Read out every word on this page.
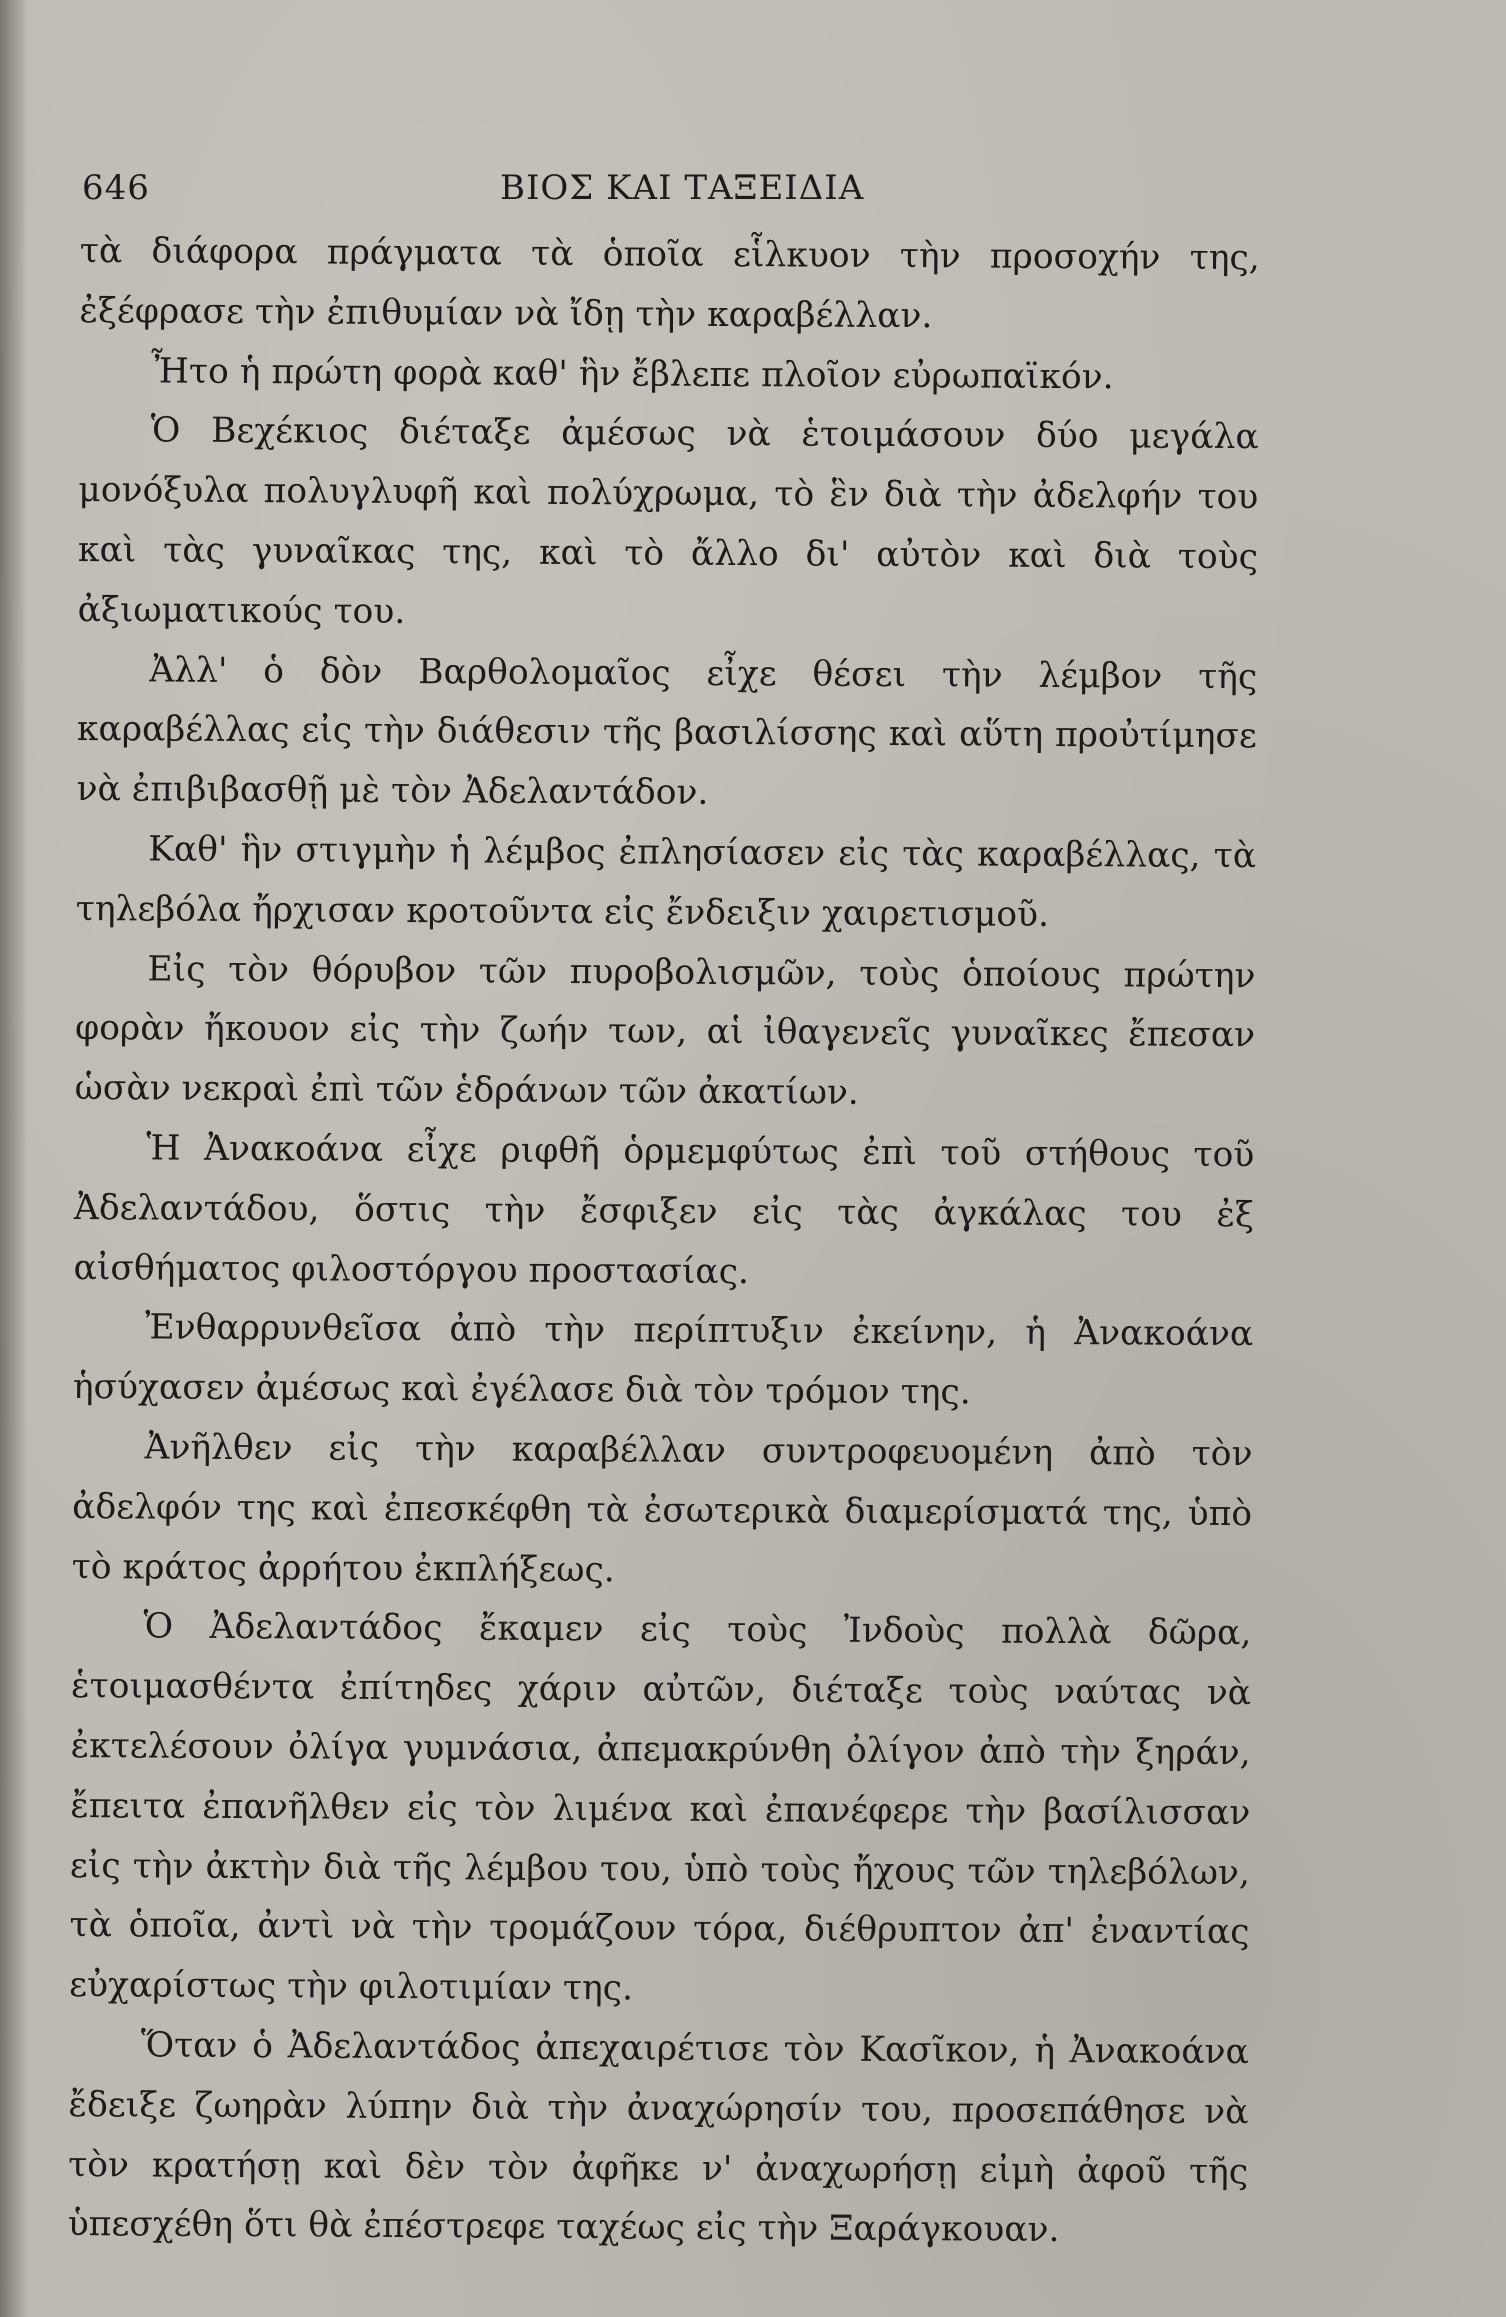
646	ΒΙΟΣ ΚΑΙ ΤΑΞΕΙΔΙΑ

τὰ διάφορα πράγματα τὰ ὁποῖα εἷλκυον τὴν προσοχήν της, ἐξέφρασε τὴν ἐπιθυμίαν νὰ ἴδῃ τὴν καραβέλλαν.

Ἦτο ἡ πρώτη φορὰ καθ' ἣν ἔβλεπε πλοῖον εὐρωπαϊκόν.

Ὁ Βεχέκιος διέταξε ἀμέσως νὰ ἑτοιμάσουν δύο μεγάλα μονόξυλα πολυγλυφῆ καὶ πολύχρωμα, τὸ ἓν διὰ τὴν ἀδελφήν του καὶ τὰς γυναῖκας της, καὶ τὸ ἄλλο δι' αὐτὸν καὶ διὰ τοὺς ἀξιωματικούς του.

Ἀλλ' ὁ δὸν Βαρθολομαῖος εἶχε θέσει τὴν λέμβον τῆς καραβέλλας εἰς τὴν διάθεσιν τῆς βασιλίσσης καὶ αὕτη προὐτίμησε νὰ ἐπιβιβασθῇ μὲ τὸν Ἀδελαντάδον.

Καθ' ἣν στιγμὴν ἡ λέμβος ἐπλησίασεν εἰς τὰς καραβέλλας, τὰ τηλεβόλα ἤρχισαν κροτοῦντα εἰς ἔνδειξιν χαιρετισμοῦ.

Εἰς τὸν θόρυβον τῶν πυροβολισμῶν, τοὺς ὁποίους πρώτην φορὰν ἤκουον εἰς τὴν ζωήν των, αἱ ἰθαγενεῖς γυναῖκες ἔπεσαν ὡσὰν νεκραὶ ἐπὶ τῶν ἑδράνων τῶν ἀκατίων.

Ἡ Ἀνακοάνα εἶχε ριφθῆ ὁρμεμφύτως ἐπὶ τοῦ στήθους τοῦ Ἀδελαντάδου, ὅστις τὴν ἔσφιξεν εἰς τὰς ἀγκάλας του ἐξ αἰσθήματος φιλοστόργου προστασίας.

Ἐνθαρρυνθεῖσα ἀπὸ τὴν περίπτυξιν ἐκείνην, ἡ Ἀνακοάνα ἡσύχασεν ἀμέσως καὶ ἐγέλασε διὰ τὸν τρόμον της.

Ἀνῆλθεν εἰς τὴν καραβέλλαν συντροφευομένη ἀπὸ τὸν ἀδελφόν της καὶ ἐπεσκέφθη τὰ ἐσωτερικὰ διαμερίσματά της, ὑπὸ τὸ κράτος ἀρρήτου ἐκπλήξεως.

Ὁ Ἀδελαντάδος ἔκαμεν εἰς τοὺς Ἰνδοὺς πολλὰ δῶρα, ἑτοιμασθέντα ἐπίτηδες χάριν αὐτῶν, διέταξε τοὺς ναύτας νὰ ἐκτελέσουν ὀλίγα γυμνάσια, ἀπεμακρύνθη ὀλίγον ἀπὸ τὴν ξηράν, ἔπειτα ἐπανῆλθεν εἰς τὸν λιμένα καὶ ἐπανέφερε τὴν βασίλισσαν εἰς τὴν ἀκτὴν διὰ τῆς λέμβου του, ὑπὸ τοὺς ἤχους τῶν τηλεβόλων, τὰ ὁποῖα, ἀντὶ νὰ τὴν τρομάζουν τόρα, διέθρυπτον ἀπ' ἐναντίας εὐχαρίστως τὴν φιλοτιμίαν της.

Ὅταν ὁ Ἀδελαντάδος ἀπεχαιρέτισε τὸν Κασῖκον, ἡ Ἀνακοάνα ἔδειξε ζωηρὰν λύπην διὰ τὴν ἀναχώρησίν του, προσεπάθησε νὰ τὸν κρατήσῃ καὶ δὲν τὸν ἀφῆκε ν' ἀναχωρήσῃ εἰμὴ ἀφοῦ τῆς ὑπεσχέθη ὅτι θὰ ἐπέστρεφε ταχέως εἰς τὴν Ξαράγκουαν.
